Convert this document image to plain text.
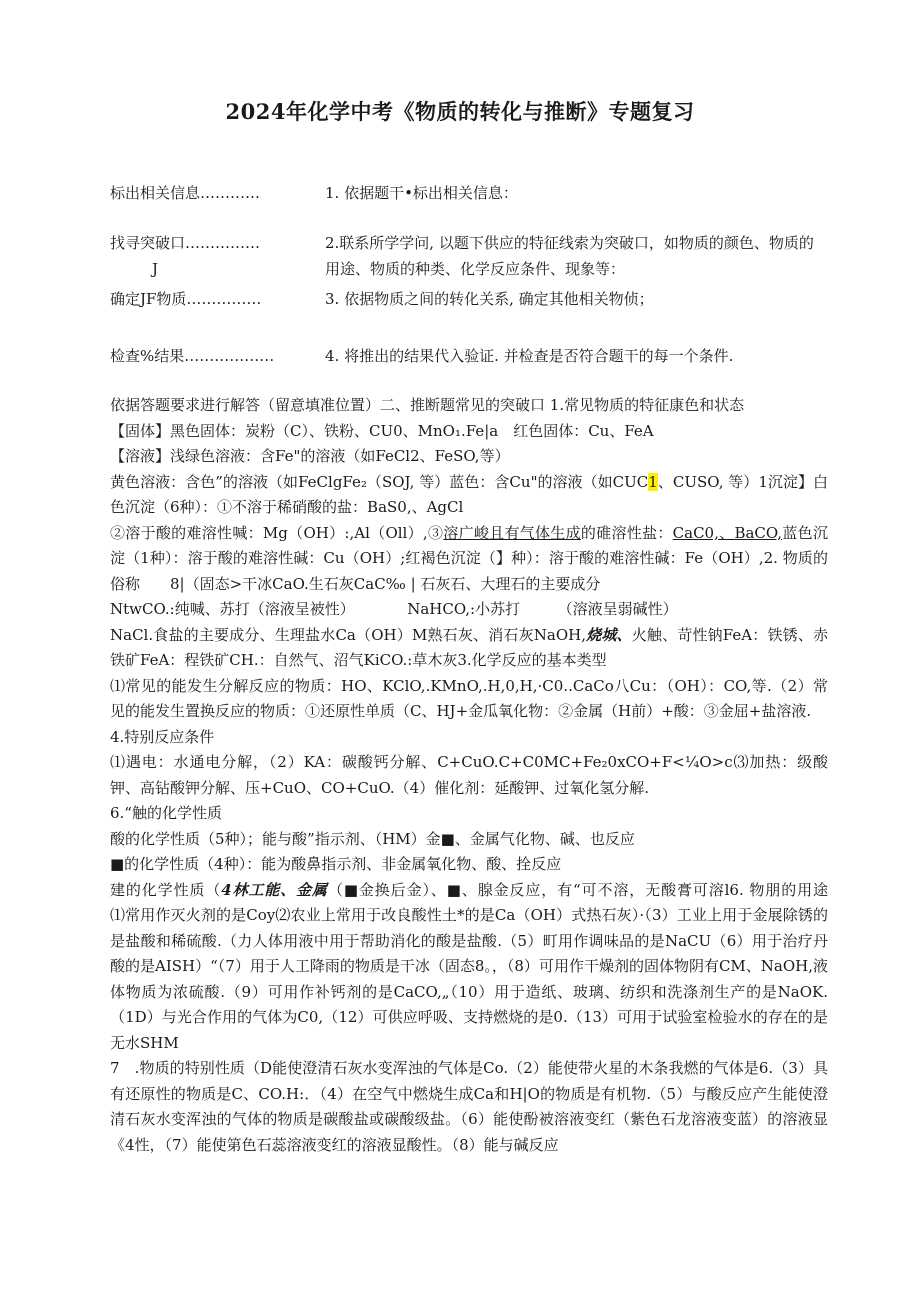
2024年化学中考《物质的转化与推断》专题复习
标出相关信息…………	1. 依据题干•标出相关信息：
找寻突破口……………	2.联系所学学问, 以题下供应的特征线索为突破口，如物质的颜色、物质的用途、物质的种类、化学反应条件、现象等：
J
确定JF物质……………	3. 依据物质之间的转化关系, 确定其他相关物侦；
检查%结果………………	4. 将推出的结果代入验证. 并检查是否符合题干的每一个条件.

依据答题要求进行解答（留意填准位置）二、推断题常见的突破口 1.常见物质的特征康色和状态

【固体】黑色固体：炭粉（C）、铁粉、CU0、MnO₁.Fe|a　红色固体：Cu、FeA

【溶液】浅绿色溶液：含Fe"的溶液（如FeCl2、FeSO,等）

黄色溶液：含色”的溶液（如FeClgFe₂（SOJ, 等）蓝色：含Cu"的溶液（如CUC1、CUSO, 等）1沉淀】白色沉淀（6种）：①不溶于稀硝酸的盐：BaS0,、AgCl

②溶于酸的难溶性喊：Mg（OH）:,Al（Oll）,③溶广峻且有气体生成的碓溶性盐：CaC0,、BaCO,蓝色沉淀（1种）：溶于酸的难溶性碱：Cu（OH）;红褐色沉淀（】种）：溶于酸的难溶性碱：Fe（OH）,2. 物质的俗称　　8|（固态>干冰CaO.生石灰CaC‰ | 石灰石、大理石的主要成分

NtwCO.:纯喊、苏打（溶液呈被性）　　　　NaHCO,:小苏打　　　（溶液呈弱碱性）

NaCl.食盐的主要成分、生理盐水Ca（OH）M熟石灰、消石灰NaOH,烧城、火触、苛性钠FeA：铁锈、赤铁矿FeA：程铁矿CH.：自然气、沼气KiCO.:草木灰3.化学反应的基本类型

⑴常见的能发生分解反应的物质：HO、KClO,.KMnO,.H,0,H,·C0..CaCo八Cu：（OH）：CO,等.（2）常见的能发生置换反应的物质：①还原性单质（C、HJ+金瓜氧化物：②金属（H前）+酸：③金屈+盐溶液.

4.特别反应条件

⑴遇电：水通电分解，（2）KA：碳酸钙分解、C+CuO.C+C0MC+Fe₂0xCO+F<¼O>c⑶加热：级酸钾、高钻酸钾分解、压+CuO、CO+CuO.（4）催化剂：延酸钾、过氧化氢分解.

6.“触的化学性质

酸的化学性质（5种）；能与酸”指示剂、（HM）金■、金属气化物、碱、也反应

■的化学性质（4种）：能为酸鼻指示剂、非金属氧化物、酸、拴反应

建的化学性质（4林工能、金属（■金换后金）、■、腺金反应，有“可不溶，无酸膏可溶l6. 物朋的用途　　　　⑴常用作灭火剂的是Coy⑵农业上常用于改良酸性土*的是Ca（OH）式热石灰）·（3）工业上用于金展除锈的是盐酸和稀硫酸.（力人体用液中用于帮助消化的酸是盐酸.（5）町用作调味品的是NaCU（6）用于治疗丹酸的是AISH）“（7）用于人工降雨的物质是干冰（固态8。，（8）可用作干燥剂的固体物阴有CM、NaOH,液体物质为浓硫酸.（9）可用作补钙剂的是CaCO,„（10）用于造纸、玻璃、纺织和洗涤剂生产的是NaOK.（1D）与光合作用的气体为C0,（12）可供应呼吸、支持燃烧的是0.（13）可用于试验室检验水的存在的是无水SHM

7　.物质的特别性质（D能使澄清石灰水变浑浊的气体是Co.（2）能使带火星的木条我燃的气体是6.（3）具有还原性的物质是C、CO.H:．（4）在空气中燃烧生成Ca和H|O的物质是有机物.（5）与酸反应产生能使澄清石灰水变浑浊的气体的物质是碳酸盐或碳酸级盐。（6）能使酚被溶液变红（紫色石龙溶液变蓝）的溶液显《4性，（7）能使第色石蕊溶液变红的溶液显酸性。（8）能与碱反应
